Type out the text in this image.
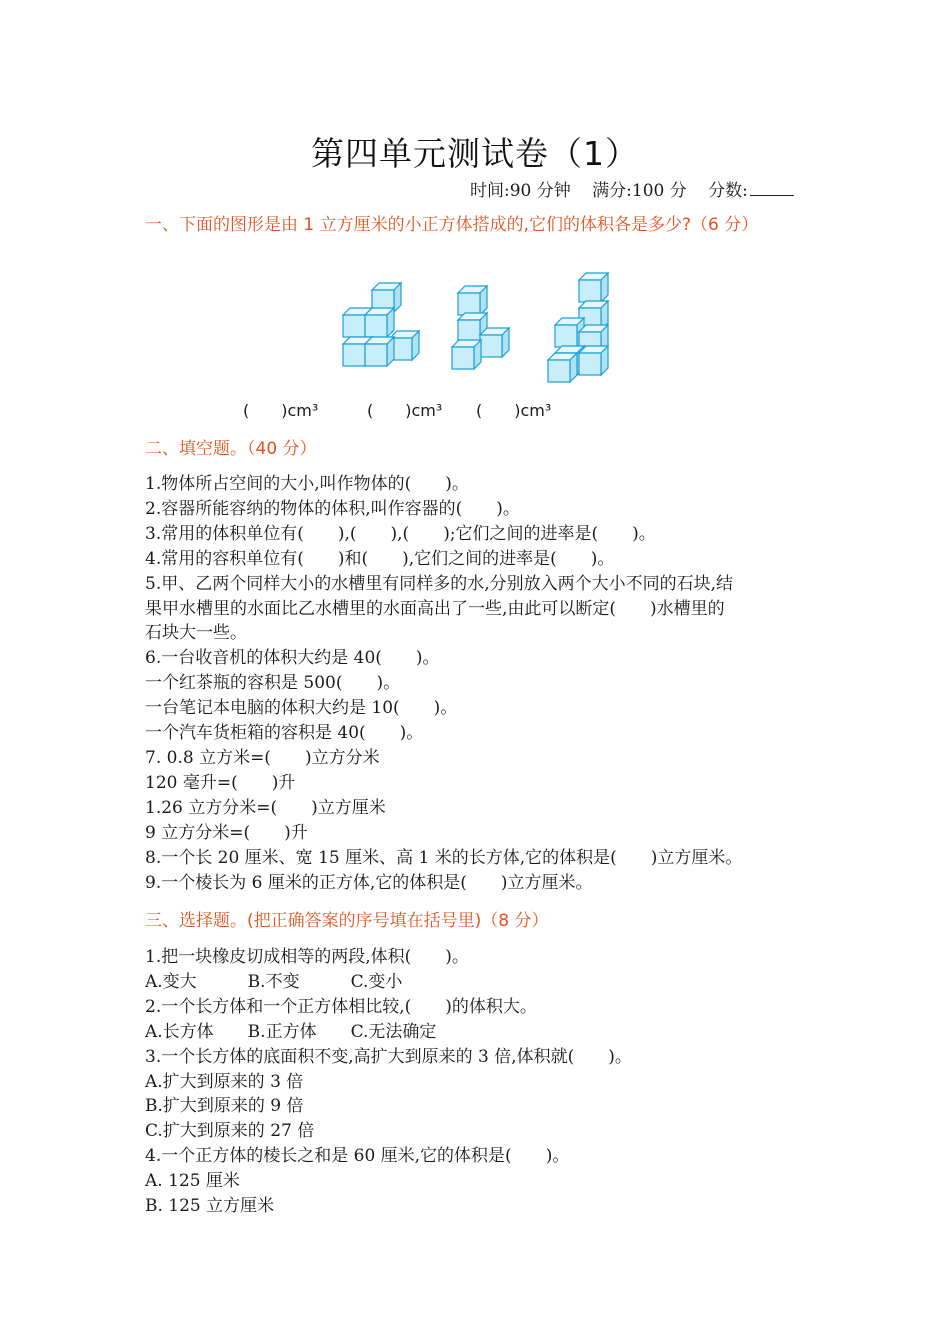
第四单元测试卷（1）
时间:90 分钟 满分:100 分 分数:
一、下面的图形是由 1 立方厘米的小正方体搭成的,它们的体积各是多少?（6 分）
(　　)cm³	(　　)cm³ (　　)cm³
二、填空题。（40 分）
1.物体所占空间的大小,叫作物体的(　　)。
2.容器所能容纳的物体的体积,叫作容器的(　　)。
3.常用的体积单位有(　　),(　　),(　　);它们之间的进率是(　　)。
4.常用的容积单位有(　　)和(　　),它们之间的进率是(　　)。
5.甲、乙两个同样大小的水槽里有同样多的水,分别放入两个大小不同的石块,结
果甲水槽里的水面比乙水槽里的水面高出了一些,由此可以断定(　　)水槽里的
石块大一些。
6.一台收音机的体积大约是 40(　　)。
一个红茶瓶的容积是 500(　　)。
一台笔记本电脑的体积大约是 10(　　)。
一个汽车货柜箱的容积是 40(　　)。
7. 0.8 立方米=(　　)立方分米
120 毫升=(　　)升
1.26 立方分米=(　　)立方厘米
9 立方分米=(　　)升
8.一个长 20 厘米、宽 15 厘米、高 1 米的长方体,它的体积是(　　)立方厘米。
9.一个棱长为 6 厘米的正方体,它的体积是(　　)立方厘米。
三、选择题。(把正确答案的序号填在括号里)（8 分）
1.把一块橡皮切成相等的两段,体积(　　)。
A.变大　　　B.不变　　　C.变小
2.一个长方体和一个正方体相比较,(　　)的体积大。
A.长方体　　B.正方体　　C.无法确定
3.一个长方体的底面积不变,高扩大到原来的 3 倍,体积就(　　)。
A.扩大到原来的 3 倍
B.扩大到原来的 9 倍
C.扩大到原来的 27 倍
4.一个正方体的棱长之和是 60 厘米,它的体积是(　　)。
A. 125 厘米
B. 125 立方厘米
